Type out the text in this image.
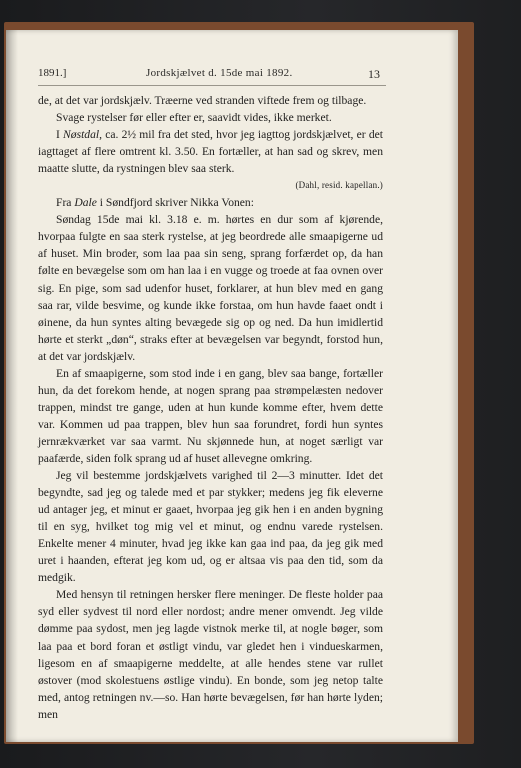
1891.]	Jordskjælvet d. 15de mai 1892.	13

de, at det var jordskjælv. Træerne ved stranden viftede frem og tilbage.

Svage rystelser før eller efter er, saavidt vides, ikke merket.

I Nøstdal, ca. 2½ mil fra det sted, hvor jeg iagttog jordskjælvet, er det iagttaget af flere omtrent kl. 3.50. En fortæller, at han sad og skrev, men maatte slutte, da rystningen blev saa sterk.

(Dahl, resid. kapellan.)

Fra Dale i Søndfjord skriver Nikka Vonen:

Søndag 15de mai kl. 3.18 e. m. hørtes en dur som af kjørende, hvorpaa fulgte en saa sterk rystelse, at jeg beordrede alle smaapigerne ud af huset. Min broder, som laa paa sin seng, sprang forfærdet op, da han følte en bevægelse som om han laa i en vugge og troede at faa ovnen over sig. En pige, som sad udenfor huset, forklarer, at hun blev med en gang saa rar, vilde besvime, og kunde ikke forstaa, om hun havde faaet ondt i øinene, da hun syntes alting bevægede sig op og ned. Da hun imidlertid hørte et sterkt „døn“, straks efter at bevægelsen var begyndt, forstod hun, at det var jordskjælv.

En af smaapigerne, som stod inde i en gang, blev saa bange, fortæller hun, da det forekom hende, at nogen sprang paa strømpelæsten nedover trappen, mindst tre gange, uden at hun kunde komme efter, hvem dette var. Kommen ud paa trappen, blev hun saa forundret, fordi hun syntes jernrækværket var saa varmt. Nu skjønnede hun, at noget særligt var paafærde, siden folk sprang ud af huset allevegne omkring.

Jeg vil bestemme jordskjælvets varighed til 2—3 minutter. Idet det begyndte, sad jeg og talede med et par stykker; medens jeg fik eleverne ud antager jeg, et minut er gaaet, hvorpaa jeg gik hen i en anden bygning til en syg, hvilket tog mig vel et minut, og endnu varede rystelsen. Enkelte mener 4 minuter, hvad jeg ikke kan gaa ind paa, da jeg gik med uret i haanden, efterat jeg kom ud, og er altsaa vis paa den tid, som da medgik.

Med hensyn til retningen hersker flere meninger. De fleste holder paa syd eller sydvest til nord eller nordost; andre mener omvendt. Jeg vilde dømme paa sydost, men jeg lagde vistnok merke til, at nogle bøger, som laa paa et bord foran et østligt vindu, var gledet hen i vindueskarmen, ligesom en af smaapigerne meddelte, at alle hendes stene var rullet østover (mod skolestuens østlige vindu). En bonde, som jeg netop talte med, antog retningen nv.—so. Han hørte bevægelsen, før han hørte lyden; men
